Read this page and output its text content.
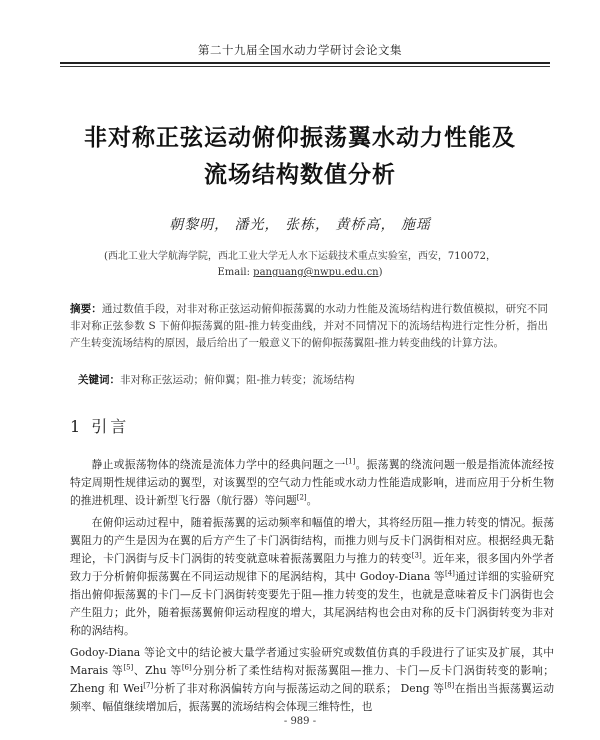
第二十九届全国水动力学研讨会论文集
非对称正弦运动俯仰振荡翼水动力性能及
流场结构数值分析
朝黎明， 潘光， 张栋， 黄桥高， 施瑶
(西北工业大学航海学院，西北工业大学无人水下运载技术重点实验室，西安，710072，
Email: panguang@nwpu.edu.cn)
摘要：通过数值手段，对非对称正弦运动俯仰振荡翼的水动力性能及流场结构进行数值模拟，研究不同非对称正弦参数 S 下俯仰振荡翼的阻-推力转变曲线，并对不同情况下的流场结构进行定性分析，指出产生转变流场结构的原因，最后给出了一般意义下的俯仰振荡翼阻-推力转变曲线的计算方法。
关键词：非对称正弦运动；俯仰翼；阻-推力转变；流场结构
1 引言

静止或振荡物体的绕流是流体力学中的经典问题之一[1]。振荡翼的绕流问题一般是指流体流经按特定周期性规律运动的翼型，对该翼型的空气动力性能或水动力性能造成影响，进而应用于分析生物的推进机理、设计新型飞行器（航行器）等问题[2]。

在俯仰运动过程中，随着振荡翼的运动频率和幅值的增大，其将经历阻—推力转变的情况。振荡翼阻力的产生是因为在翼的后方产生了卡门涡街结构，而推力则与反卡门涡街相对应。根据经典无黏理论，卡门涡街与反卡门涡街的转变就意味着振荡翼阻力与推力的转变[3]。近年来，很多国内外学者致力于分析俯仰振荡翼在不同运动规律下的尾涡结构，其中 Godoy-Diana 等[4]通过详细的实验研究指出俯仰振荡翼的卡门—反卡门涡街转变要先于阻—推力转变的发生，也就是意味着反卡门涡街也会产生阻力；此外，随着振荡翼俯仰运动程度的增大，其尾涡结构也会由对称的反卡门涡街转变为非对称的涡结构。

Godoy-Diana 等论文中的结论被大量学者通过实验研究或数值仿真的手段进行了证实及扩展，其中 Marais 等[5]、Zhu 等[6]分别分析了柔性结构对振荡翼阻—推力、卡门—反卡门涡街转变的影响； Zheng 和 Wei[7]分析了非对称涡偏转方向与振荡运动之间的联系； Deng 等[8]在指出当振荡翼运动频率、幅值继续增加后，振荡翼的流场结构会体现三维特性，也

- 989 -
